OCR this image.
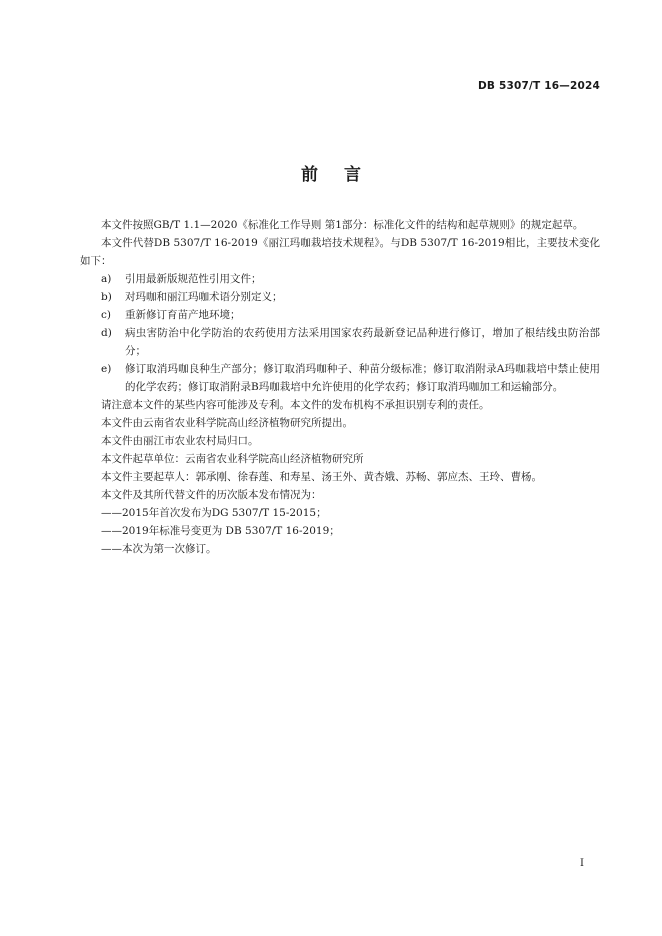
DB 5307/T 16—2024
前言

本文件按照GB/T 1.1—2020《标准化工作导则 第1部分：标准化文件的结构和起草规则》的规定起草。

本文件代替DB 5307/T 16-2019《丽江玛咖栽培技术规程》。与DB 5307/T 16-2019相比，主要技术变化如下：

a)	引用最新版规范性引用文件；
b)	对玛咖和丽江玛咖术语分别定义；
c)	重新修订育苗产地环境；
d)	病虫害防治中化学防治的农药使用方法采用国家农药最新登记品种进行修订，增加了根结线虫防治部分；
e)	修订取消玛咖良种生产部分；修订取消玛咖种子、种苗分级标准；修订取消附录A玛咖栽培中禁止使用的化学农药；修订取消附录B玛咖栽培中允许使用的化学农药；修订取消玛咖加工和运输部分。

请注意本文件的某些内容可能涉及专利。本文件的发布机构不承担识别专利的责任。

本文件由云南省农业科学院高山经济植物研究所提出。

本文件由丽江市农业农村局归口。

本文件起草单位：云南省农业科学院高山经济植物研究所

本文件主要起草人：郭承刚、徐春莲、和寿星、汤王外、黄杏娥、苏畅、郭应杰、王玲、曹杨。

本文件及其所代替文件的历次版本发布情况为：

——2015年首次发布为DG 5307/T 15-2015；

——2019年标准号变更为 DB 5307/T 16-2019；

——本次为第一次修订。

I
